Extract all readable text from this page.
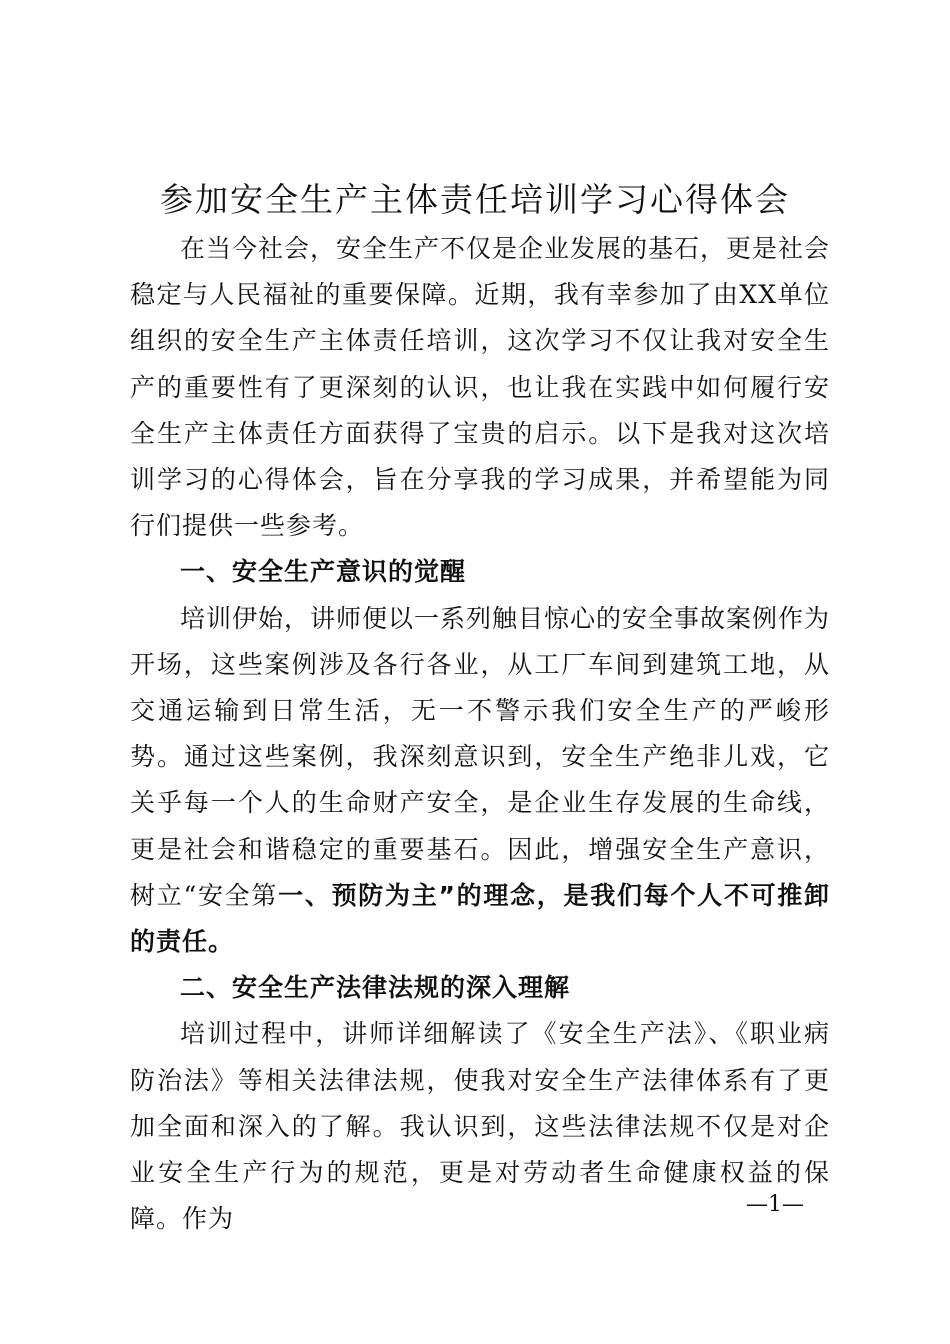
参加安全生产主体责任培训学习心得体会

在当今社会，安全生产不仅是企业发展的基石，更是社会稳定与人民福祉的重要保障。近期，我有幸参加了由XX单位组织的安全生产主体责任培训，这次学习不仅让我对安全生产的重要性有了更深刻的认识，也让我在实践中如何履行安全生产主体责任方面获得了宝贵的启示。以下是我对这次培训学习的心得体会，旨在分享我的学习成果，并希望能为同行们提供一些参考。

一、安全生产意识的觉醒

培训伊始，讲师便以一系列触目惊心的安全事故案例作为开场，这些案例涉及各行各业，从工厂车间到建筑工地，从交通运输到日常生活，无一不警示我们安全生产的严峻形势。通过这些案例，我深刻意识到，安全生产绝非儿戏，它关乎每一个人的生命财产安全，是企业生存发展的生命线，更是社会和谐稳定的重要基石。因此，增强安全生产意识，树立“安全第一、预防为主”的理念，是我们每个人不可推卸的责任。

二、安全生产法律法规的深入理解

培训过程中，讲师详细解读了《安全生产法》、《职业病防治法》等相关法律法规，使我对安全生产法律体系有了更加全面和深入的了解。我认识到，这些法律法规不仅是对企业安全生产行为的规范，更是对劳动者生命健康权益的保障。作为	—1—
